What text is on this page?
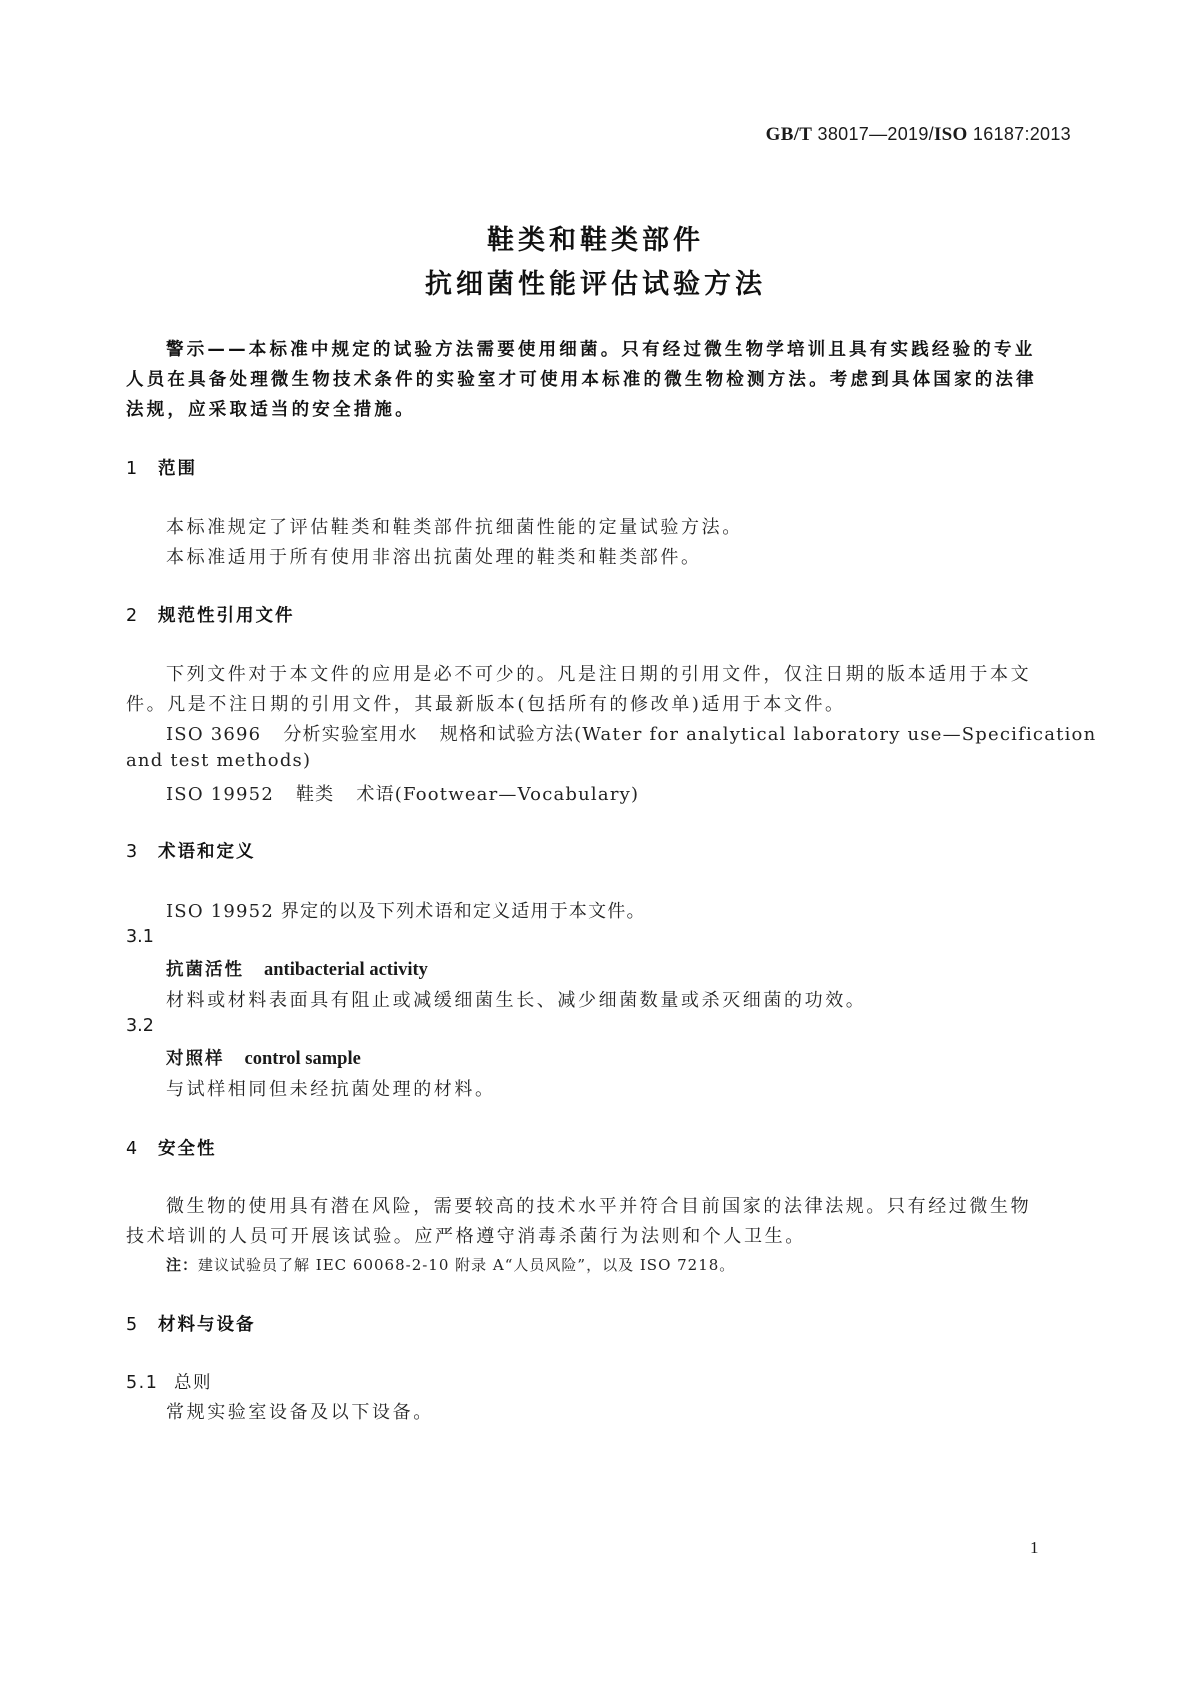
GB/T 38017—2019/ISO 16187:2013
鞋类和鞋类部件
抗细菌性能评估试验方法
警示——本标准中规定的试验方法需要使用细菌。只有经过微生物学培训且具有实践经验的专业
人员在具备处理微生物技术条件的实验室才可使用本标准的微生物检测方法。考虑到具体国家的法律
法规，应采取适当的安全措施。
1 范围
本标准规定了评估鞋类和鞋类部件抗细菌性能的定量试验方法。
本标准适用于所有使用非溶出抗菌处理的鞋类和鞋类部件。
2 规范性引用文件
下列文件对于本文件的应用是必不可少的。凡是注日期的引用文件，仅注日期的版本适用于本文
件。凡是不注日期的引用文件，其最新版本(包括所有的修改单)适用于本文件。
ISO 3696 分析实验室用水 规格和试验方法(Water for analytical laboratory use—Specification
and test methods)
ISO 19952 鞋类 术语(Footwear—Vocabulary)
3 术语和定义
ISO 19952 界定的以及下列术语和定义适用于本文件。
3.1
抗菌活性 antibacterial activity
材料或材料表面具有阻止或减缓细菌生长、减少细菌数量或杀灭细菌的功效。
3.2
对照样 control sample
与试样相同但未经抗菌处理的材料。
4 安全性
微生物的使用具有潜在风险，需要较高的技术水平并符合目前国家的法律法规。只有经过微生物
技术培训的人员可开展该试验。应严格遵守消毒杀菌行为法则和个人卫生。
注：建议试验员了解 IEC 60068-2-10 附录 A“人员风险”，以及 ISO 7218。
5 材料与设备
5.1 总则
常规实验室设备及以下设备。
1
